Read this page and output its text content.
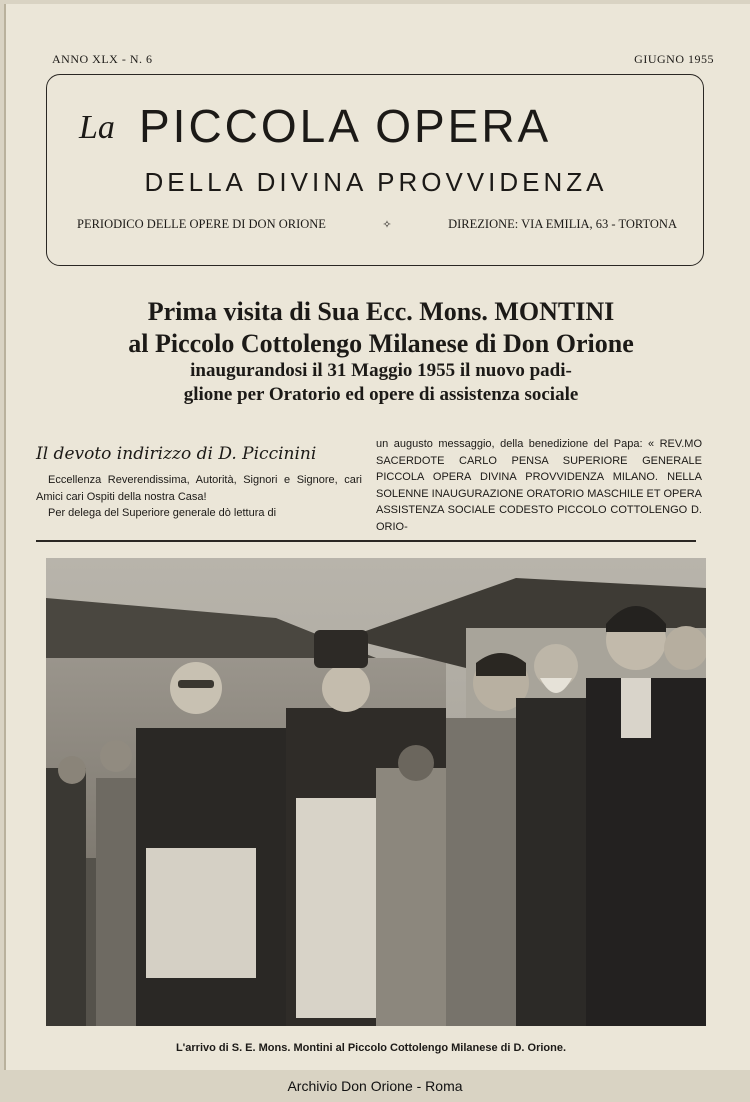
ANNO XLX - N. 6	GIUGNO 1955
La PICCOLA OPERA
DELLA DIVINA PROVVIDENZA
PERIODICO DELLE OPERE DI DON ORIONE	✧	DIREZIONE: VIA EMILIA, 63 - TORTONA
Prima visita di Sua Ecc. Mons. MONTINI
al Piccolo Cottolengo Milanese di Don Orione
inaugurandosi il 31 Maggio 1955 il nuovo padi-
glione per Oratorio ed opere di assistenza sociale
Il devoto indirizzo di D. Piccinini

Eccellenza Reverendissima, Autorità, Signori e Signore, cari Amici cari Ospiti della nostra Casa!

Per delega del Superiore generale dò lettura di

un augusto messaggio, della benedizione del Papa: « REV.MO SACERDOTE CARLO PENSA SUPERIORE GENERALE PICCOLA OPERA DIVINA PROVVIDENZA MILANO. NELLA SOLENNE INAUGURAZIONE ORATORIO MASCHILE ET OPERA ASSISTENZA SOCIALE CODESTO PICCOLO COTTOLENGO D. ORIO-

L'arrivo di S. E. Mons. Montini al Piccolo Cottolengo Milanese di D. Orione.
Archivio Don Orione - Roma
